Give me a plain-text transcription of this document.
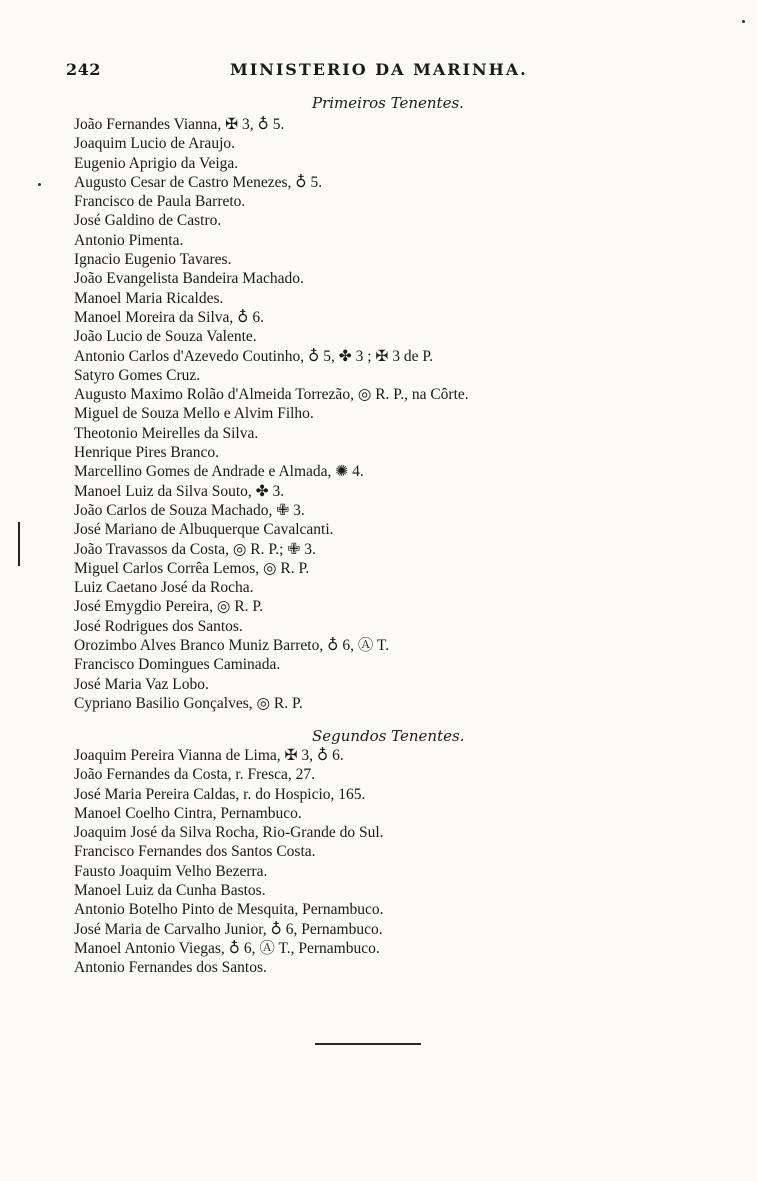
242	MINISTERIO DA MARINHA.
Primeiros Tenentes.
João Fernandes Vianna, ✠ 3, ♁ 5.
Joaquim Lucio de Araujo.
Eugenio Aprigio da Veiga.
Augusto Cesar de Castro Menezes, ♁ 5.
Francisco de Paula Barreto.
José Galdino de Castro.
Antonio Pimenta.
Ignacio Eugenio Tavares.
João Evangelista Bandeira Machado.
Manoel Maria Ricaldes.
Manoel Moreira da Silva, ♁ 6.
João Lucio de Souza Valente.
Antonio Carlos d'Azevedo Coutinho, ♁ 5, ✤ 3 ; ✠ 3 de P.
Satyro Gomes Cruz.
Augusto Maximo Rolão d'Almeida Torrezão, ◎ R. P., na Côrte.
Miguel de Souza Mello e Alvim Filho.
Theotonio Meirelles da Silva.
Henrique Pires Branco.
Marcellino Gomes de Andrade e Almada, ✺ 4.
Manoel Luiz da Silva Souto, ✤ 3.
João Carlos de Souza Machado, ✙ 3.
José Mariano de Albuquerque Cavalcanti.
João Travassos da Costa, ◎ R. P.; ✙ 3.
Miguel Carlos Corrêa Lemos, ◎ R. P.
Luiz Caetano José da Rocha.
José Emygdio Pereira, ◎ R. P.
José Rodrigues dos Santos.
Orozimbo Alves Branco Muniz Barreto, ♁ 6, Ⓐ T.
Francisco Domingues Caminada.
José Maria Vaz Lobo.
Cypriano Basilio Gonçalves, ◎ R. P.
Segundos Tenentes.
Joaquim Pereira Vianna de Lima, ✠ 3, ♁ 6.
João Fernandes da Costa, r. Fresca, 27.
José Maria Pereira Caldas, r. do Hospicio, 165.
Manoel Coelho Cintra, Pernambuco.
Joaquim José da Silva Rocha, Rio-Grande do Sul.
Francisco Fernandes dos Santos Costa.
Fausto Joaquim Velho Bezerra.
Manoel Luiz da Cunha Bastos.
Antonio Botelho Pinto de Mesquita, Pernambuco.
José Maria de Carvalho Junior, ♁ 6, Pernambuco.
Manoel Antonio Viegas, ♁ 6, Ⓐ T., Pernambuco.
Antonio Fernandes dos Santos.
